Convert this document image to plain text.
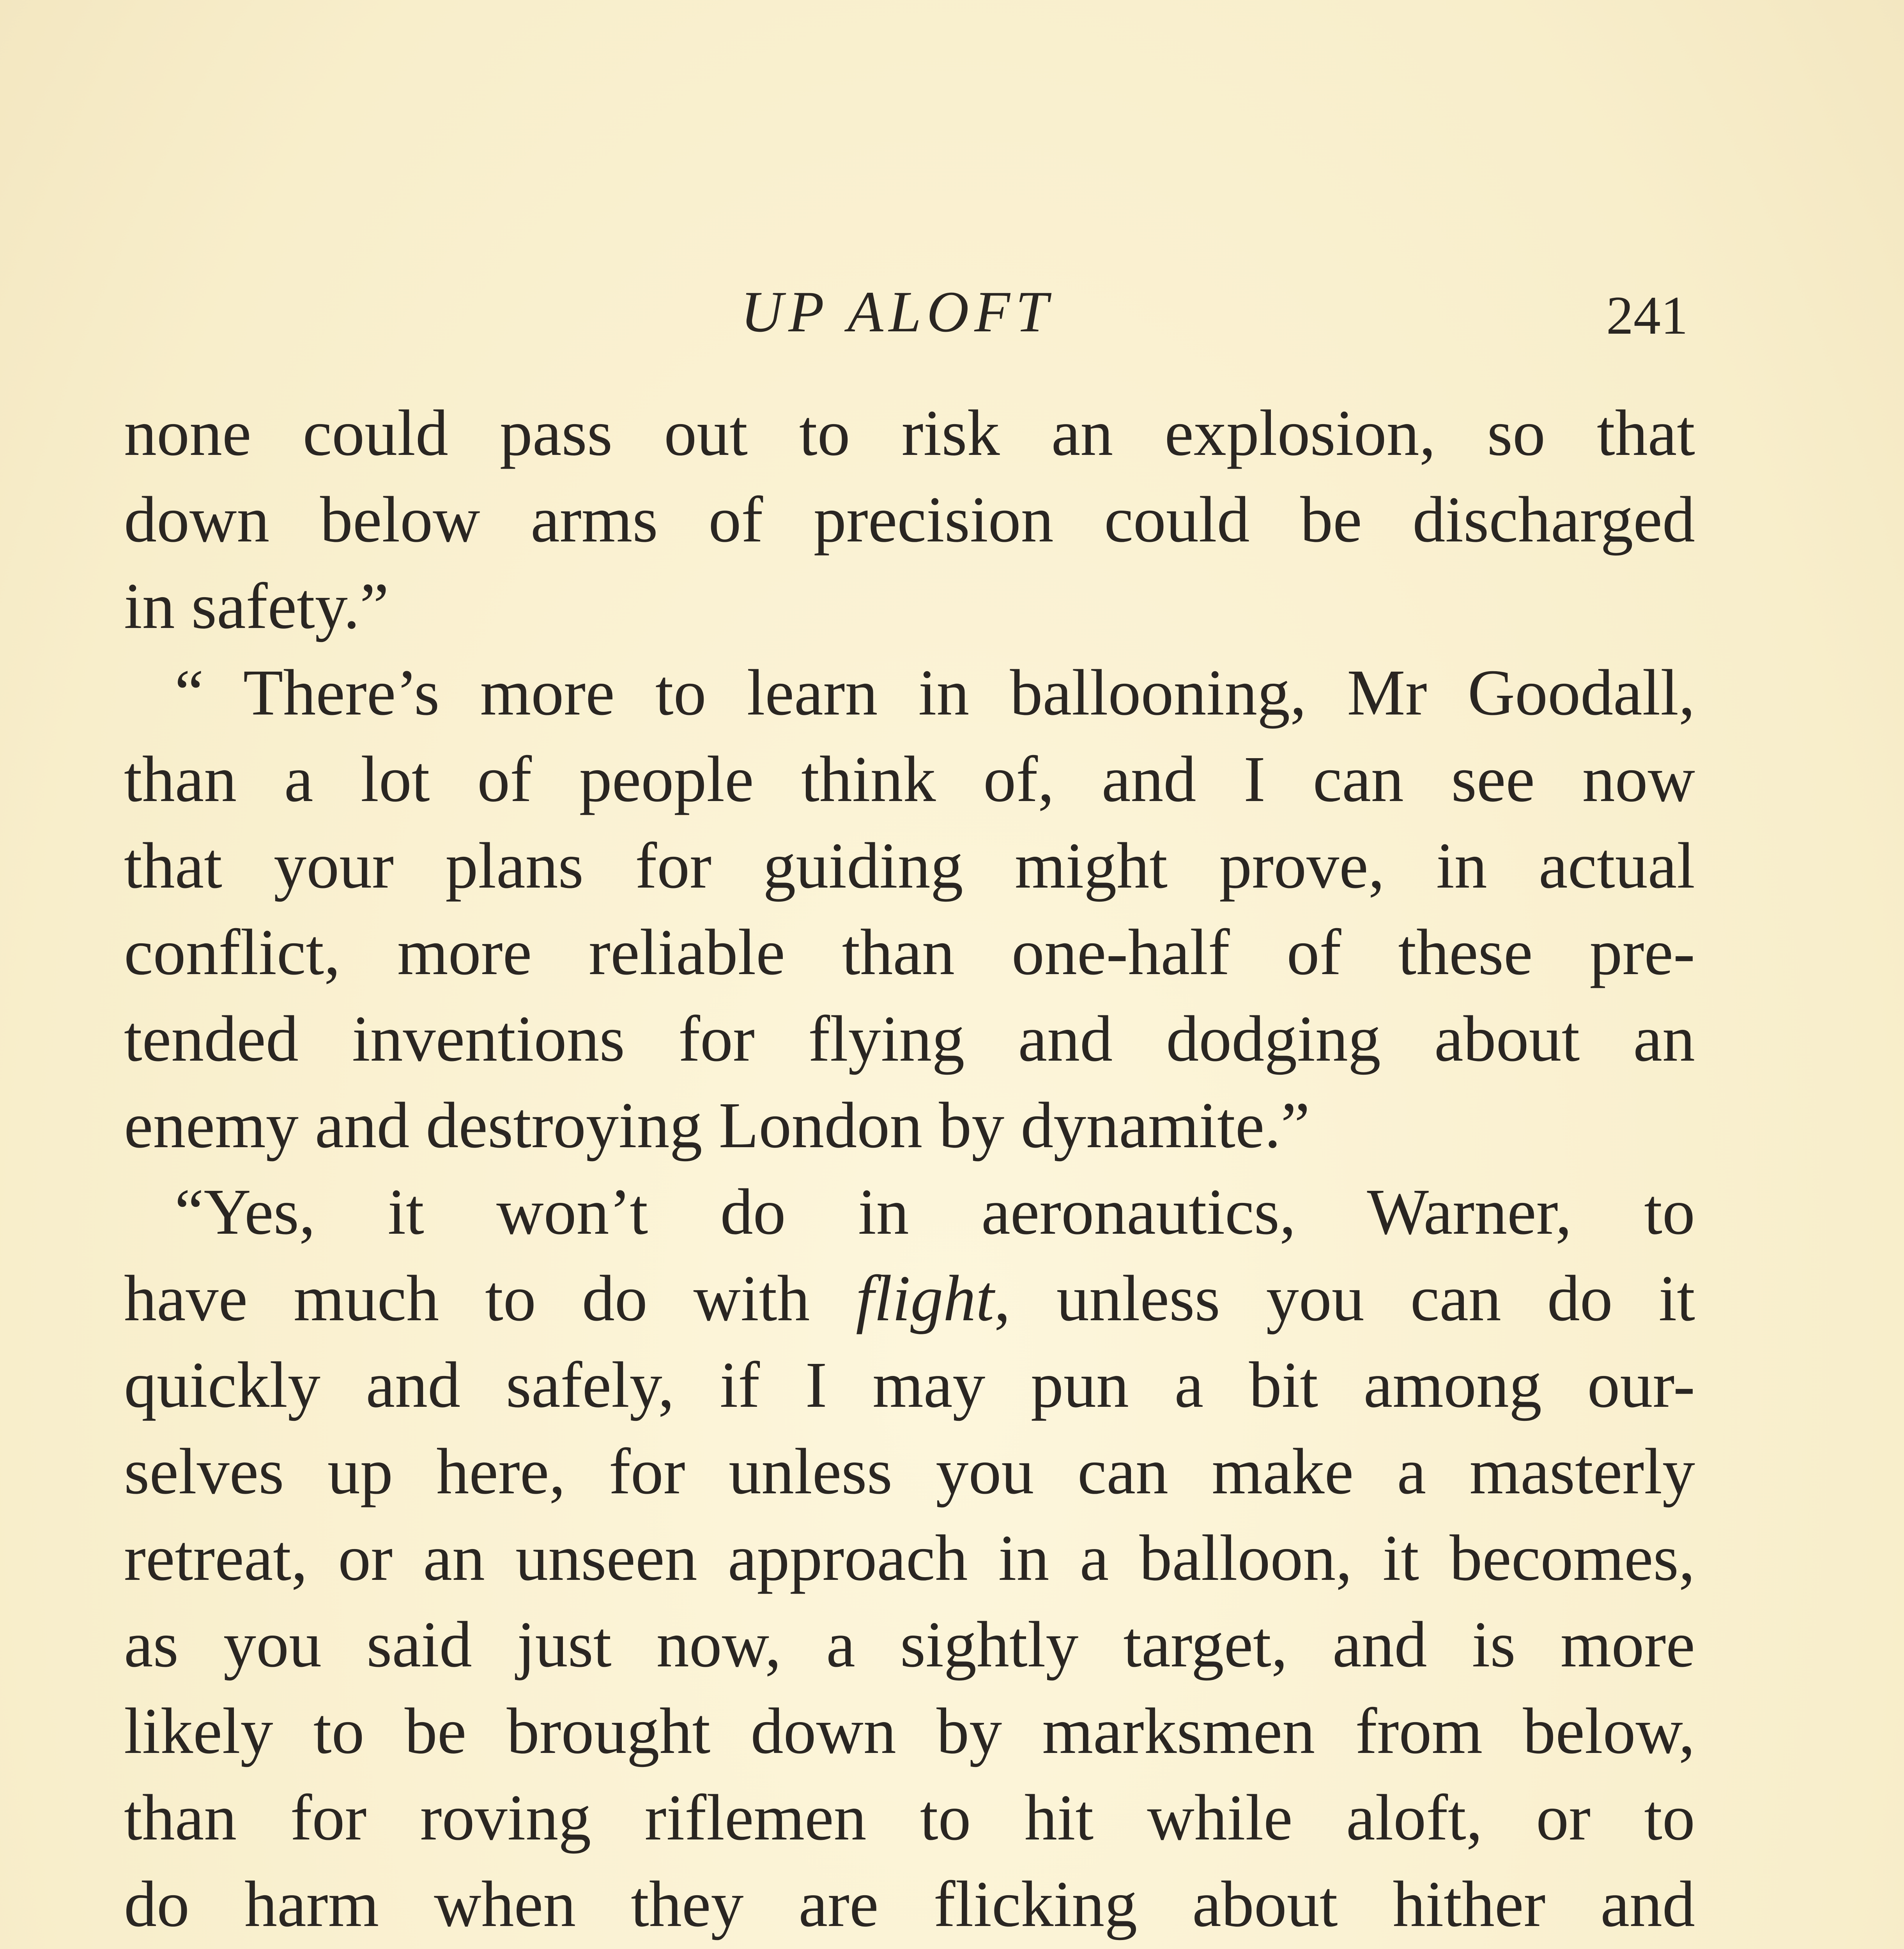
UP ALOFT	241
none could pass out to risk an explosion, so that
down below arms of precision could be discharged
in safety.”
“ There’s more to learn in ballooning, Mr Goodall,
than a lot of people think of, and I can see now
that your plans for guiding might prove, in actual
conflict, more reliable than one-half of these pre-
tended inventions for flying and dodging about an
enemy and destroying London by dynamite.”
“Yes, it won’t do in aeronautics, Warner, to
have much to do with flight, unless you can do it
quickly and safely, if I may pun a bit among our-
selves up here, for unless you can make a masterly
retreat, or an unseen approach in a balloon, it becomes,
as you said just now, a sightly target, and is more
likely to be brought down by marksmen from below,
than for roving riflemen to hit while aloft, or to
do harm when they are flicking about hither and
